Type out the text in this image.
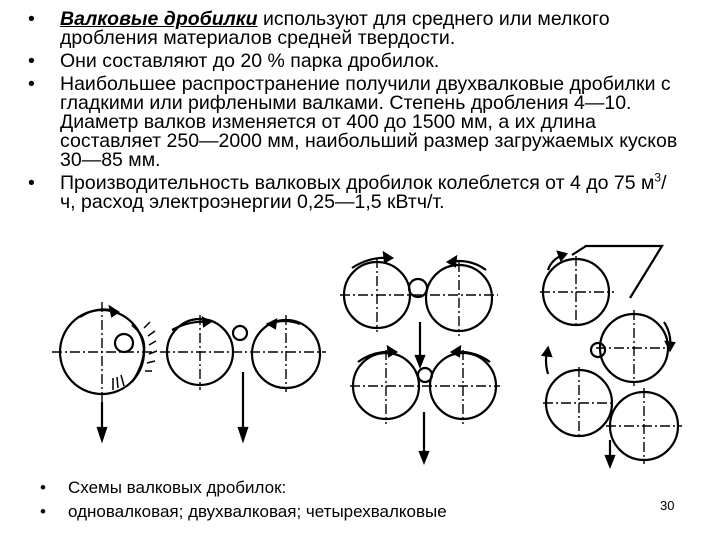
• Валковые дробилки используют для среднего или мелкого дробления материалов средней твердости.
• Они составляют до 20 % парка дробилок.
• Наибольшее распространение получили двухвалковые дробилки с гладкими или рифлеными валками. Степень дробления 4—10. Диаметр валков изменяется от 400 до 1500 мм, а их длина составляет 250—2000 мм, наибольший размер загружаемых кусков 30—85 мм.
• Производительность валковых дробилок колеблется от 4 до 75 $м^3/ч$, расход электроэнергии 0,25—1,5 кВтч/т.
• Схемы валковых дробилок:
• одновалковая; двухвалковая; четырехвалковые	30
